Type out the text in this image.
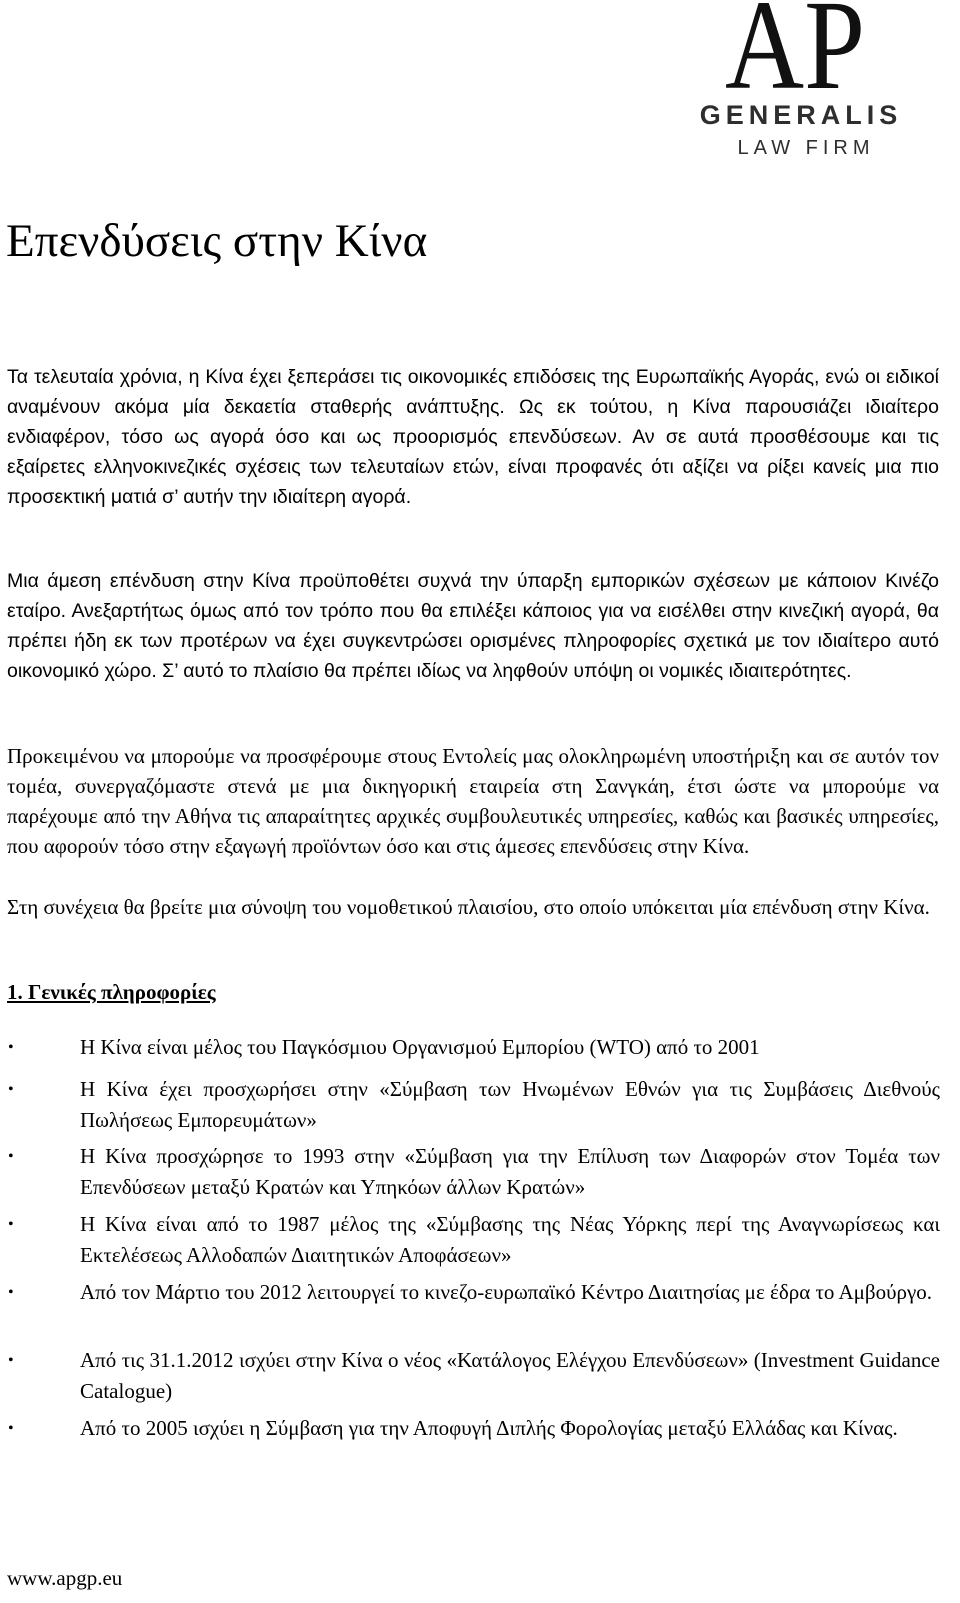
AP
GENERALIS
LAW FIRM
Επενδύσεις στην Κίνα

Τα τελευταία χρόνια, η Κίνα έχει ξεπεράσει τις οικονομικές επιδόσεις της Ευρωπαϊκής Αγοράς, ενώ οι ειδικοί αναμένουν ακόμα μία δεκαετία σταθερής ανάπτυξης. Ως εκ τούτου, η Κίνα παρουσιάζει ιδιαίτερο ενδιαφέρον, τόσο ως αγορά όσο και ως προορισμός επενδύσεων. Αν σε αυτά προσθέσουμε και τις εξαίρετες ελληνοκινεζικές σχέσεις των τελευταίων ετών, είναι προφανές ότι αξίζει να ρίξει κανείς μια πιο προσεκτική ματιά σ’ αυτήν την ιδιαίτερη αγορά.

Μια άμεση επένδυση στην Κίνα προϋποθέτει συχνά την ύπαρξη εμπορικών σχέσεων με κάποιον Κινέζο εταίρο. Ανεξαρτήτως όμως από τον τρόπο που θα επιλέξει κάποιος για να εισέλθει στην κινεζική αγορά, θα πρέπει ήδη εκ των προτέρων να έχει συγκεντρώσει ορισμένες πληροφορίες σχετικά με τον ιδιαίτερο αυτό οικονομικό χώρο. Σ’ αυτό το πλαίσιο θα πρέπει ιδίως να ληφθούν υπόψη οι νομικές ιδιαιτερότητες.

Προκειμένου να μπορούμε να προσφέρουμε στους Εντολείς μας ολοκληρωμένη υποστήριξη και σε αυτόν τον τομέα, συνεργαζόμαστε στενά με μια δικηγορική εταιρεία στη Σανγκάη, έτσι ώστε να μπορούμε να παρέχουμε από την Αθήνα τις απαραίτητες αρχικές συμβουλευτικές υπηρεσίες, καθώς και βασικές υπηρεσίες, που αφορούν τόσο στην εξαγωγή προϊόντων όσο και στις άμεσες επενδύσεις στην Κίνα.

Στη συνέχεια θα βρείτε μια σύνοψη του νομοθετικού πλαισίου, στο οποίο υπόκειται μία επένδυση στην Κίνα.

1. Γενικές πληροφορίες
•	Η Κίνα είναι μέλος του Παγκόσμιου Οργανισμού Εμπορίου (WTO) από το 2001
•	Η Κίνα έχει προσχωρήσει στην «Σύμβαση των Ηνωμένων Εθνών για τις Συμβάσεις Διεθνούς Πωλήσεως Εμπορευμάτων»
•	Η Κίνα προσχώρησε το 1993 στην «Σύμβαση για την Επίλυση των Διαφορών στον Τομέα των Επενδύσεων μεταξύ Κρατών και Υπηκόων άλλων Κρατών»
•	Η Κίνα είναι από το 1987 μέλος της «Σύμβασης της Νέας Υόρκης περί της Αναγνωρίσεως και Εκτελέσεως Αλλοδαπών Διαιτητικών Αποφάσεων»
•	Από τον Μάρτιο του 2012 λειτουργεί το κινεζο-ευρωπαϊκό Κέντρο Διαιτησίας με έδρα το Αμβούργο.
•	Από τις 31.1.2012 ισχύει στην Κίνα ο νέος «Κατάλογος Ελέγχου Επενδύσεων» (Investment Guidance Catalogue)
•	Από το 2005 ισχύει η Σύμβαση για την Αποφυγή Διπλής Φορολογίας μεταξύ Ελλάδας και Κίνας.
www.apgp.eu
